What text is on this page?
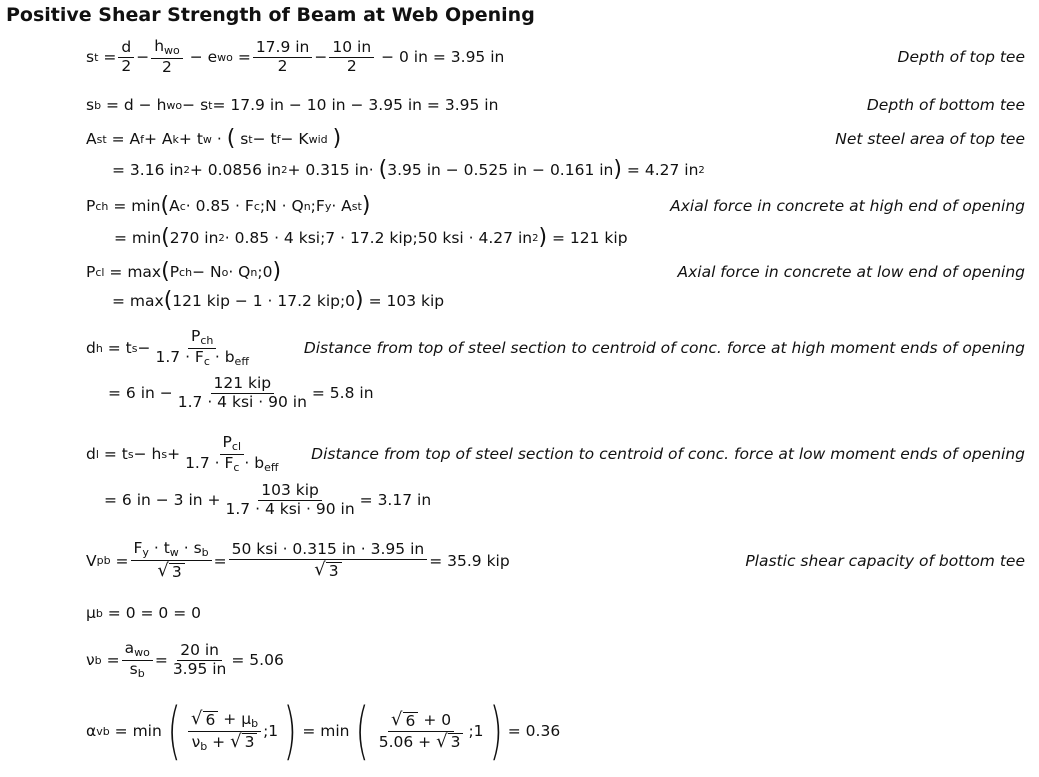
Positive Shear Strength of Beam at Web Opening
s $t = \frac{d}{2} - \frac{h_{wo}}{2} - e$ wo = $\frac{17.9 in}{2} - \frac{10 in}{2} - 0$ in = 3.95 in	Depth of top tee
s b
= d − h wo − s t = 17.9 in − 10 in − 3.95 in = 3.95 in	Depth of bottom tee
A st
= A f + A k + t w · (
s t − t f − K wid
)	Net steel area of top tee
= 3.16 in 2 + 0.0856 in 2 + 0.315 in·
( 3.95 in − 0.525 in − 0.161 in )
= 4.27 in 2
P ch
= min ( A c · 0.85 · F c ;N · Q n ;F y · A st )	Axial force in concrete at high end of opening
= min ( 270 in 2 · 0.85 · 4 ksi;7 · 17.2 kip;50 ksi · 4.27 in 2 )
= 121 kip
P cl
= max ( P ch − N o · Q n ;0 )	Axial force in concrete at low end of opening
= max ( 121 kip − 1 · 17.2 kip;0 )
= 103 kip
d h
= t $s - \frac{P_{ch}}{1.7 \cdot F_c \cdot b_{eff}}$	Distance from top of steel section to centroid of conc. force at high moment ends of opening
= 6 in − $\frac{\text{121 kip}}{\text{1.7 · 4 ksi · 90 in}} = 5.8$ in
d l
= t s − h $s + \frac{P_{cl}}{1.7 \cdot F_c \cdot b_{eff}}$ Distance from top of steel section to centroid of conc. force at low moment ends of opening
= 6 in − 3 in + $\frac{\text{103 kip}}{\text{1.7 · 4 ksi · 90 in}} = 3.17$ in
V pb = $\frac{F_y \cdot t_w \cdot s_b}{√ 3} = \frac{\text{50 ksi · 0.315 in · 3.95 in}}{√ 3} = 35.9$ kip	Plastic shear capacity of bottom tee
μ b
= 0 = 0 = 0
ν $b = \frac{a_{wo}}{s_b} = \frac{20 in}{3.95 in} = 5.06$
α vb
= min ( $\frac{√ 6 + \mu_b}{\nu_b + √ 3}$ ;1 ) = min ( $\frac{√ 6 + 0}{5.06 + √ 3}$ ;1 ) = 0.36
